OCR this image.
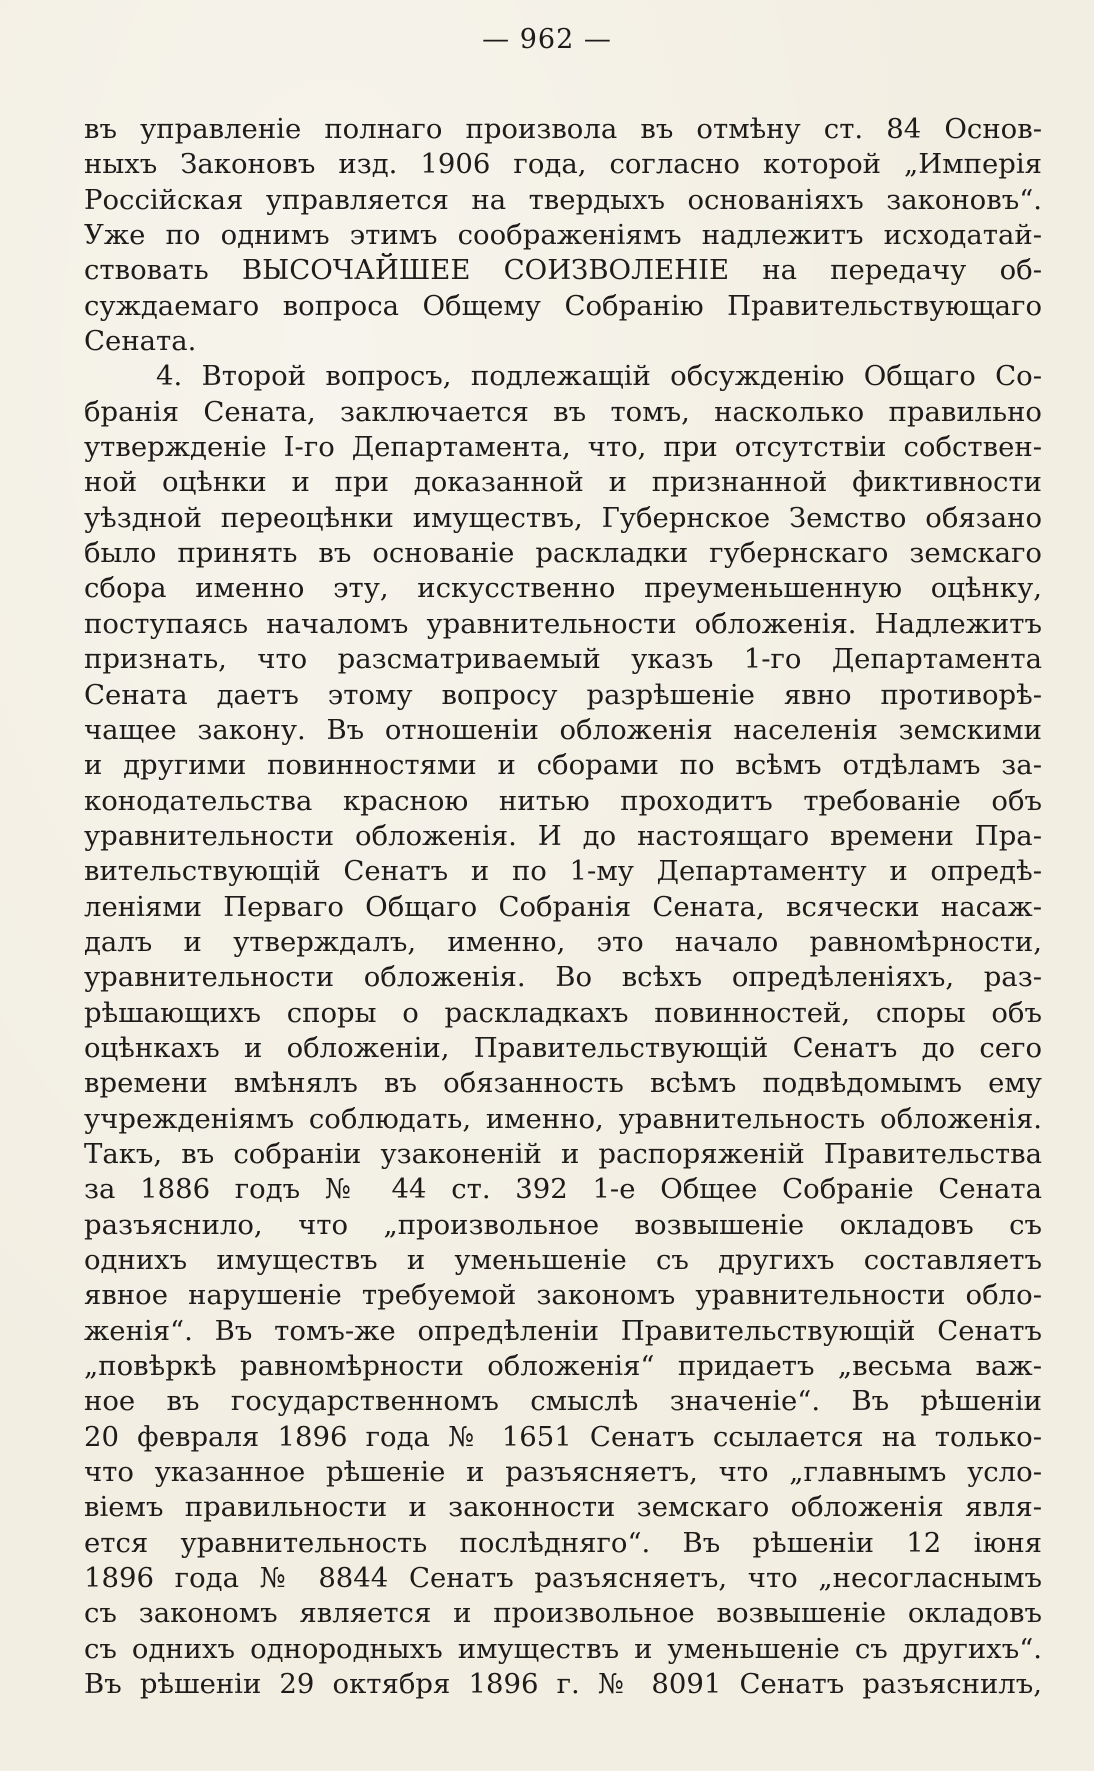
— 962 —
въ управленіе полнаго произвола въ отмѣну ст. 84 Основ-
ныхъ Законовъ изд. 1906 года, согласно которой „Имперія
Россійская управляется на твердыхъ основаніяхъ законовъ“.
Уже по однимъ этимъ соображеніямъ надлежитъ исходатай-
ствовать ВЫСОЧАЙШЕЕ СОИЗВОЛЕНІЕ на передачу об-
суждаемаго вопроса Общему Собранію Правительствующаго
Сената.
4. Второй вопросъ, подлежащій обсужденію Общаго Со-
бранія Сената, заключается въ томъ, насколько правильно
утвержденіе І-го Департамента, что, при отсутствіи собствен-
ной оцѣнки и при доказанной и признанной фиктивности
уѣздной переоцѣнки имуществъ, Губернское Земство обязано
было принять въ основаніе раскладки губернскаго земскаго
сбора именно эту, искусственно преуменьшенную оцѣнку,
поступаясь началомъ уравнительности обложенія. Надлежитъ
признать, что разсматриваемый указъ 1-го Департамента
Сената даетъ этому вопросу разрѣшеніе явно противорѣ-
чащее закону. Въ отношеніи обложенія населенія земскими
и другими повинностями и сборами по всѣмъ отдѣламъ за-
конодательства красною нитью проходитъ требованіе объ
уравнительности обложенія. И до настоящаго времени Пра-
вительствующій Сенатъ и по 1-му Департаменту и опредѣ-
леніями Перваго Общаго Собранія Сената, всячески насаж-
далъ и утверждалъ, именно, это начало равномѣрности,
уравнительности обложенія. Во всѣхъ опредѣленіяхъ, раз-
рѣшающихъ споры о раскладкахъ повинностей, споры объ
оцѣнкахъ и обложеніи, Правительствующій Сенатъ до сего
времени вмѣнялъ въ обязанность всѣмъ подвѣдомымъ ему
учрежденіямъ соблюдать, именно, уравнительность обложенія.
Такъ, въ собраніи узаконеній и распоряженій Правительства
за 1886 годъ № 44 ст. 392 1-е Общее Собраніе Сената
разъяснило, что „произвольное возвышеніе окладовъ съ
однихъ имуществъ и уменьшеніе съ другихъ составляетъ
явное нарушеніе требуемой закономъ уравнительности обло-
женія“. Въ томъ-же опредѣленіи Правительствующій Сенатъ
„повѣркѣ равномѣрности обложенія“ придаетъ „весьма важ-
ное въ государственномъ смыслѣ значеніе“. Въ рѣшеніи
20 февраля 1896 года № 1651 Сенатъ ссылается на только-
что указанное рѣшеніе и разъясняетъ, что „главнымъ усло-
віемъ правильности и законности земскаго обложенія явля-
ется уравнительность послѣдняго“. Въ рѣшеніи 12 іюня
1896 года № 8844 Сенатъ разъясняетъ, что „несогласнымъ
съ закономъ является и произвольное возвышеніе окладовъ
съ однихъ однородныхъ имуществъ и уменьшеніе съ другихъ“.
Въ рѣшеніи 29 октября 1896 г. № 8091 Сенатъ разъяснилъ,
